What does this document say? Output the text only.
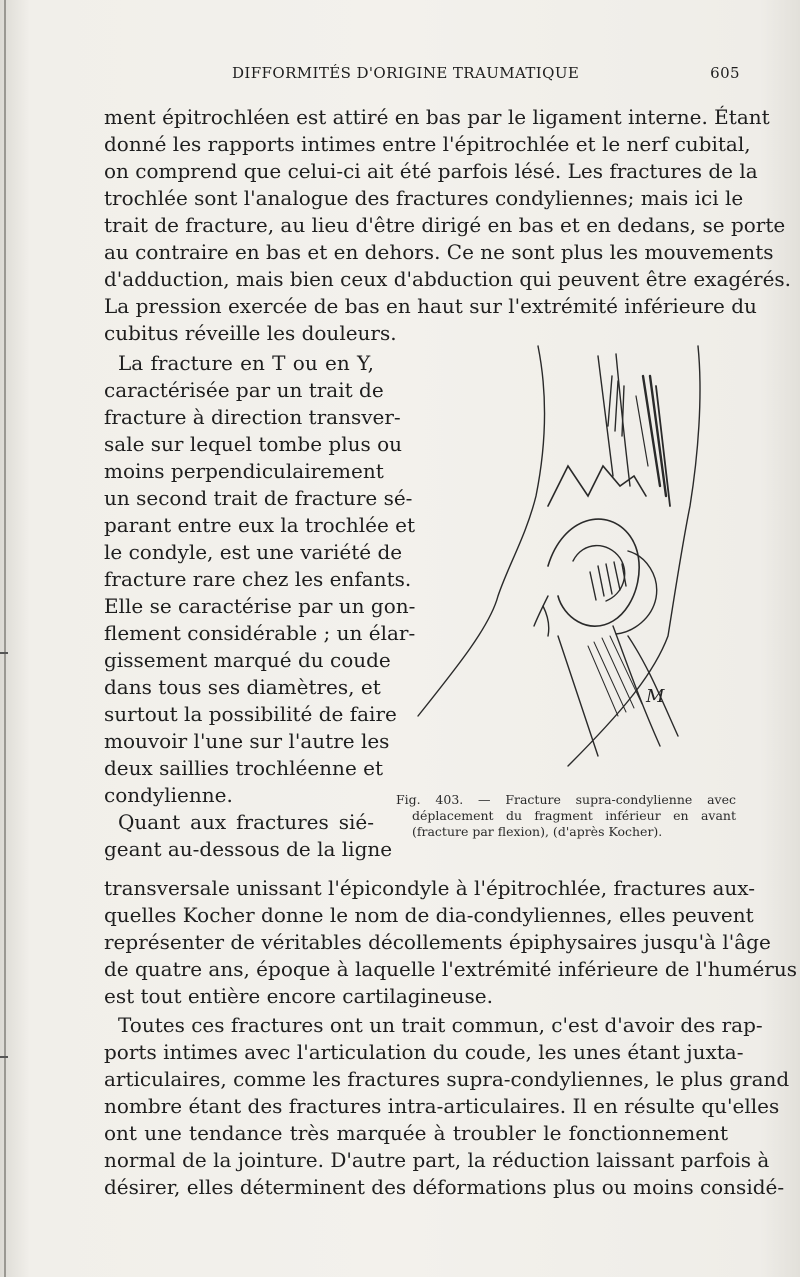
DIFFORMITÉS D'ORIGINE TRAUMATIQUE	605
ment épitrochléen est attiré en bas par le ligament interne. Étant
donné les rapports intimes entre l'épitrochlée et le nerf cubital,
on comprend que celui-ci ait été parfois lésé. Les fractures de la
trochlée sont l'analogue des fractures condyliennes; mais ici le
trait de fracture, au lieu d'être dirigé en bas et en dedans, se porte
au contraire en bas et en dehors. Ce ne sont plus les mouvements
d'adduction, mais bien ceux d'abduction qui peuvent être exagérés.
La pression exercée de bas en haut sur l'extrémité inférieure du
cubitus réveille les douleurs.
La fracture en T ou en Y,
caractérisée par un trait de
fracture à direction transver-
sale sur lequel tombe plus ou
moins perpendiculairement
un second trait de fracture sé-
parant entre eux la trochlée et
le condyle, est une variété de
fracture rare chez les enfants.
Elle se caractérise par un gon-
flement considérable ; un élar-
gissement marqué du coude
dans tous ses diamètres, et
surtout la possibilité de faire
mouvoir l'une sur l'autre les
deux saillies trochléenne et
condylienne.
Quant aux fractures sié-
geant au-dessous de la ligne
M
Fig. 403. — Fracture supra-condylienne avec
déplacement du fragment inférieur en avant
(fracture par flexion), (d'après Kocher).
transversale unissant l'épicondyle à l'épitrochlée, fractures aux-
quelles Kocher donne le nom de dia-condyliennes, elles peuvent
représenter de véritables décollements épiphysaires jusqu'à l'âge
de quatre ans, époque à laquelle l'extrémité inférieure de l'humérus
est tout entière encore cartilagineuse.
Toutes ces fractures ont un trait commun, c'est d'avoir des rap-
ports intimes avec l'articulation du coude, les unes étant juxta-
articulaires, comme les fractures supra-condyliennes, le plus grand
nombre étant des fractures intra-articulaires. Il en résulte qu'elles
ont une tendance très marquée à troubler le fonctionnement
normal de la jointure. D'autre part, la réduction laissant parfois à
désirer, elles déterminent des déformations plus ou moins considé-
